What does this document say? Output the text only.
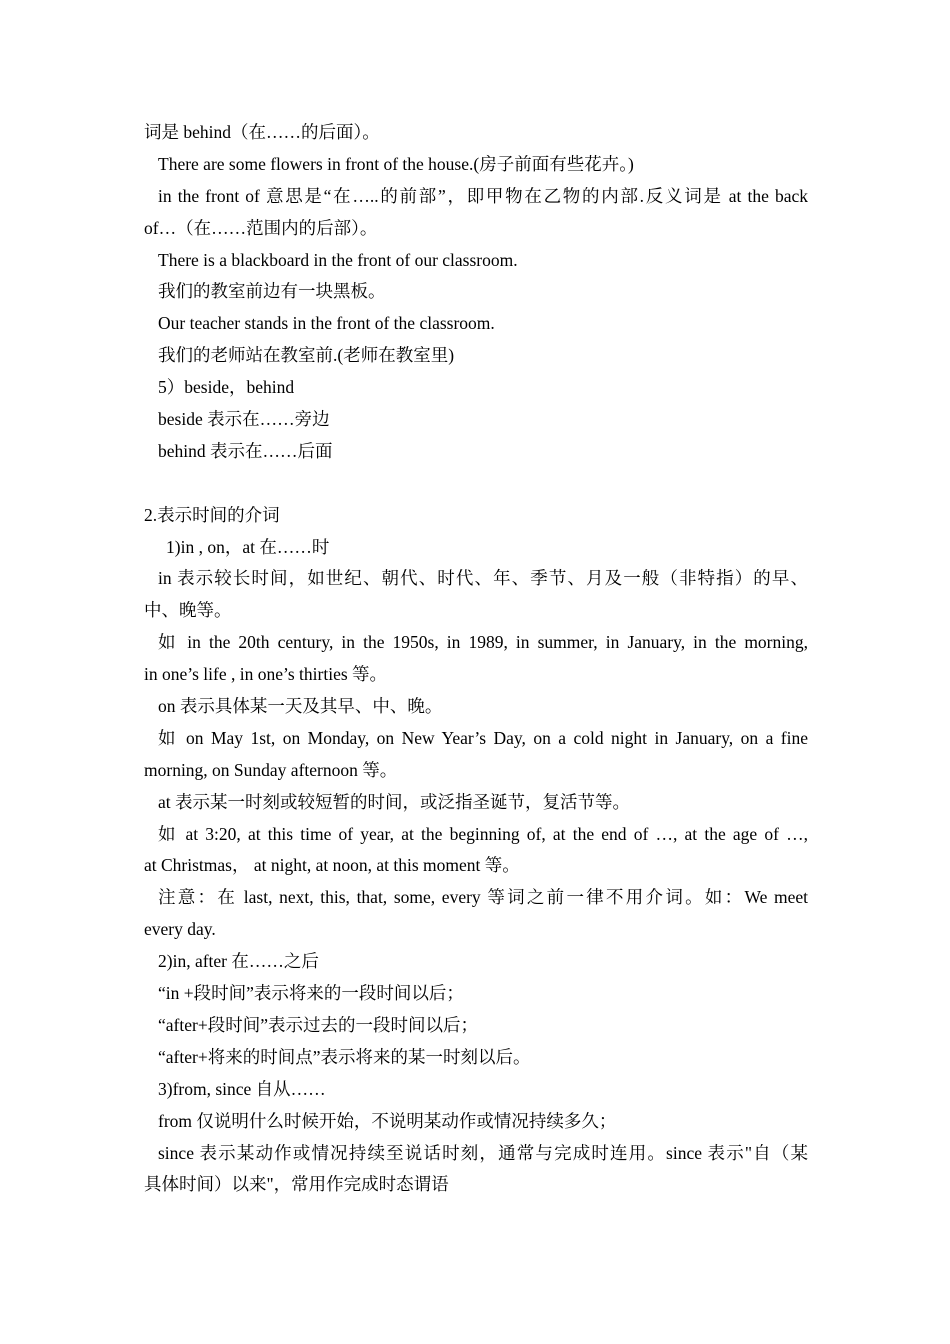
词是 behind（在……的后面）。
There are some flowers in front of the house.(房子前面有些花卉。)
in the front of 意思是“在…..的前部”，即甲物在乙物的内部.反义词是 at the back
of…（在……范围内的后部）。
There is a blackboard in the front of our classroom.
我们的教室前边有一块黑板。
Our teacher stands in the front of the classroom.
我们的老师站在教室前.(老师在教室里)
5）beside，behind
beside 表示在……旁边
behind 表示在……后面
2.表示时间的介词
1)in , on，at 在……时
in 表示较长时间，如世纪、朝代、时代、年、季节、月及一般（非特指）的早、
中、晚等。
如 in the 20th century, in the 1950s, in 1989, in summer, in January, in the morning,
in one’s life , in one’s thirties 等。
on 表示具体某一天及其早、中、晚。
如 on May 1st, on Monday, on New Year’s Day, on a cold night in January, on a fine
morning, on Sunday afternoon 等。
at 表示某一时刻或较短暂的时间，或泛指圣诞节，复活节等。
如 at 3:20, at this time of year, at the beginning of, at the end of …, at the age of …,
at Christmas， at night, at noon, at this moment 等。
注意：在 last, next, this, that, some, every 等词之前一律不用介词。如：We meet
every day.
2)in, after 在……之后
“in +段时间”表示将来的一段时间以后；
“after+段时间”表示过去的一段时间以后；
“after+将来的时间点”表示将来的某一时刻以后。
3)from, since 自从……
from 仅说明什么时候开始，不说明某动作或情况持续多久；
since 表示某动作或情况持续至说话时刻，通常与完成时连用。since 表示"自（某
具体时间）以来"，常用作完成时态谓语
